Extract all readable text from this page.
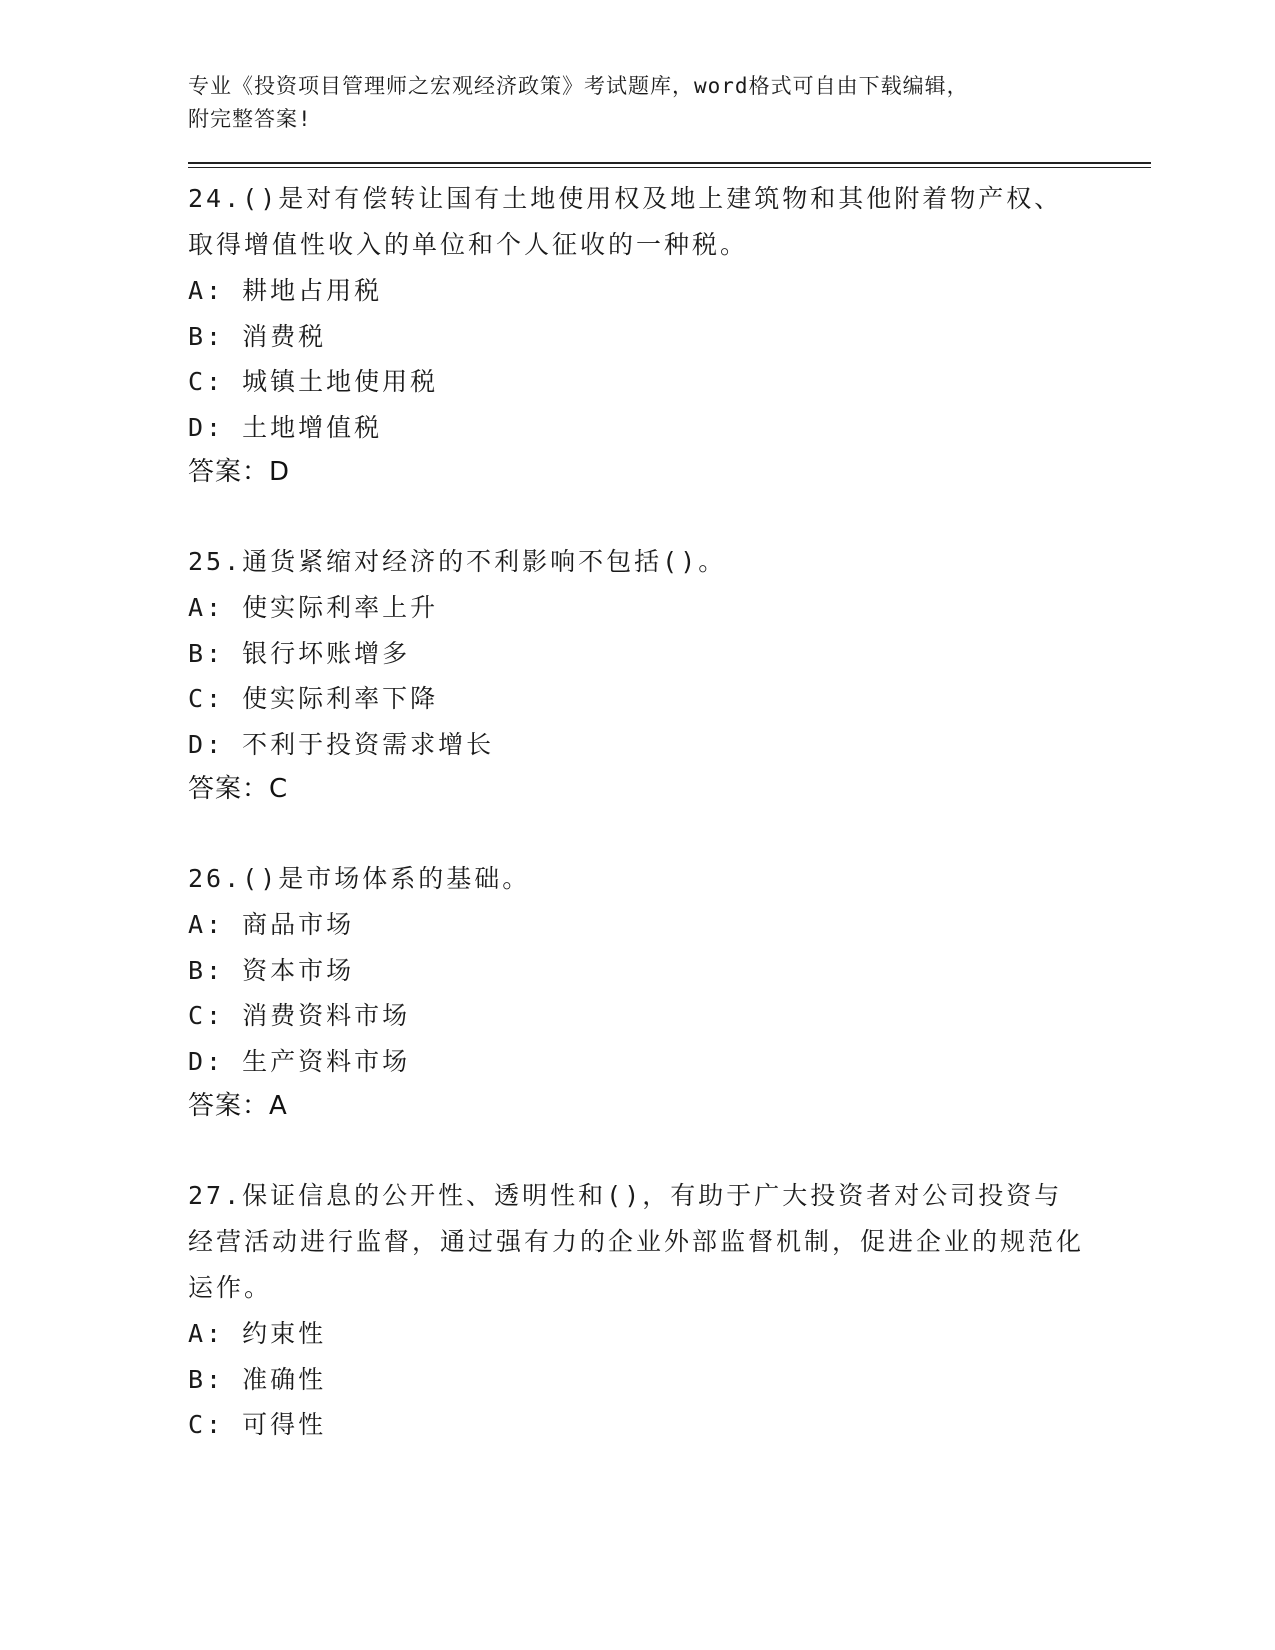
专业《投资项目管理师之宏观经济政策》考试题库，word格式可自由下载编辑，

附完整答案!

24.()是对有偿转让国有土地使用权及地上建筑物和其他附着物产权、取得增值性收入的单位和个人征收的一种税。

A: 耕地占用税

B: 消费税

C: 城镇土地使用税

D: 土地增值税

答案：D

25.通货紧缩对经济的不利影响不包括()。

A: 使实际利率上升

B: 银行坏账增多

C: 使实际利率下降

D: 不利于投资需求增长

答案：C

26.()是市场体系的基础。

A: 商品市场

B: 资本市场

C: 消费资料市场

D: 生产资料市场

答案：A

27.保证信息的公开性、透明性和()，有助于广大投资者对公司投资与经营活动进行监督，通过强有力的企业外部监督机制，促进企业的规范化运作。

A: 约束性

B: 准确性

C: 可得性
